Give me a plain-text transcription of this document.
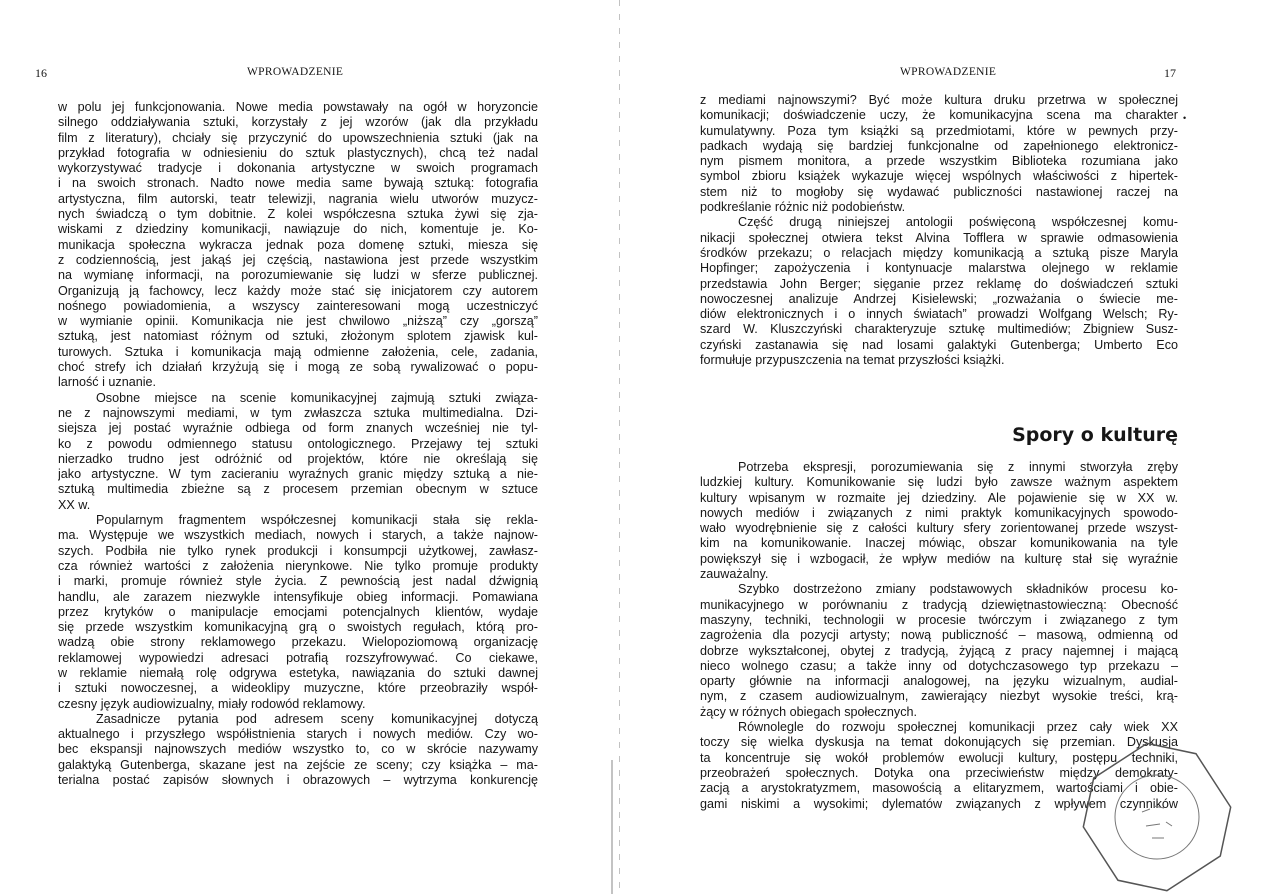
16	WPROWADZENIE
w polu jej funkcjonowania. Nowe media powstawały na ogół w horyzoncie
silnego oddziaływania sztuki, korzystały z jej wzorów (jak dla przykładu
film z literatury), chciały się przyczynić do upowszechnienia sztuki (jak na
przykład fotografia w odniesieniu do sztuk plastycznych), chcą też nadal
wykorzystywać tradycje i dokonania artystyczne w swoich programach
i na swoich stronach. Nadto nowe media same bywają sztuką: fotografia
artystyczna, film autorski, teatr telewizji, nagrania wielu utworów muzycz-
nych świadczą o tym dobitnie. Z kolei współczesna sztuka żywi się zja-
wiskami z dziedziny komunikacji, nawiązuje do nich, komentuje je. Ko-
munikacja społeczna wykracza jednak poza domenę sztuki, miesza się
z codziennością, jest jakąś jej częścią, nastawiona jest przede wszystkim
na wymianę informacji, na porozumiewanie się ludzi w sferze publicznej.
Organizują ją fachowcy, lecz każdy może stać się inicjatorem czy autorem
nośnego powiadomienia, a wszyscy zainteresowani mogą uczestniczyć
w wymianie opinii. Komunikacja nie jest chwilowo „niższą” czy „gorszą”
sztuką, jest natomiast różnym od sztuki, złożonym splotem zjawisk kul-
turowych. Sztuka i komunikacja mają odmienne założenia, cele, zadania,
choć strefy ich działań krzyżują się i mogą ze sobą rywalizować o popu-
larność i uznanie.
Osobne miejsce na scenie komunikacyjnej zajmują sztuki związa-
ne z najnowszymi mediami, w tym zwłaszcza sztuka multimedialna. Dzi-
siejsza jej postać wyraźnie odbiega od form znanych wcześniej nie tyl-
ko z powodu odmiennego statusu ontologicznego. Przejawy tej sztuki
nierzadko trudno jest odróżnić od projektów, które nie określają się
jako artystyczne. W tym zacieraniu wyraźnych granic między sztuką a nie-
sztuką multimedia zbieżne są z procesem przemian obecnym w sztuce
XX w.
Popularnym fragmentem współczesnej komunikacji stała się rekla-
ma. Występuje we wszystkich mediach, nowych i starych, a także najnow-
szych. Podbiła nie tylko rynek produkcji i konsumpcji użytkowej, zawłasz-
cza również wartości z założenia nierynkowe. Nie tylko promuje produkty
i marki, promuje również style życia. Z pewnością jest nadal dźwignią
handlu, ale zarazem niezwykle intensyfikuje obieg informacji. Pomawiana
przez krytyków o manipulacje emocjami potencjalnych klientów, wydaje
się przede wszystkim komunikacyjną grą o swoistych regułach, którą pro-
wadzą obie strony reklamowego przekazu. Wielopoziomową organizację
reklamowej wypowiedzi adresaci potrafią rozszyfrowywać. Co ciekawe,
w reklamie niemałą rolę odgrywa estetyka, nawiązania do sztuki dawnej
i sztuki nowoczesnej, a wideoklipy muzyczne, które przeobraziły współ-
czesny język audiowizualny, miały rodowód reklamowy.
Zasadnicze pytania pod adresem sceny komunikacyjnej dotyczą
aktualnego i przyszłego współistnienia starych i nowych mediów. Czy wo-
bec ekspansji najnowszych mediów wszystko to, co w skrócie nazywamy
galaktyką Gutenberga, skazane jest na zejście ze sceny; czy książka – ma-
terialna postać zapisów słownych i obrazowych – wytrzyma konkurencję
WPROWADZENIE	17
z mediami najnowszymi? Być może kultura druku przetrwa w społecznej
komunikacji; doświadczenie uczy, że komunikacyjna scena ma charakter
kumulatywny. Poza tym książki są przedmiotami, które w pewnych przy-
padkach wydają się bardziej funkcjonalne od zapełnionego elektronicz-
nym pismem monitora, a przede wszystkim Biblioteka rozumiana jako
symbol zbioru książek wykazuje więcej wspólnych właściwości z hipertek-
stem niż to mogłoby się wydawać publiczności nastawionej raczej na
podkreślanie różnic niż podobieństw.
Część drugą niniejszej antologii poświęconą współczesnej komu-
nikacji społecznej otwiera tekst Alvina Tofflera w sprawie odmasowienia
środków przekazu; o relacjach między komunikacją a sztuką pisze Maryla
Hopfinger; zapożyczenia i kontynuacje malarstwa olejnego w reklamie
przedstawia John Berger; sięganie przez reklamę do doświadczeń sztuki
nowoczesnej analizuje Andrzej Kisielewski; „rozważania o świecie me-
diów elektronicznych i o innych światach” prowadzi Wolfgang Welsch; Ry-
szard W. Kluszczyński charakteryzuje sztukę multimediów; Zbigniew Susz-
czyński zastanawia się nad losami galaktyki Gutenberga; Umberto Eco
formułuje przypuszczenia na temat przyszłości książki.
Spory o kulturę
Potrzeba ekspresji, porozumiewania się z innymi stworzyła zręby
ludzkiej kultury. Komunikowanie się ludzi było zawsze ważnym aspektem
kultury wpisanym w rozmaite jej dziedziny. Ale pojawienie się w XX w.
nowych mediów i związanych z nimi praktyk komunikacyjnych spowodo-
wało wyodrębnienie się z całości kultury sfery zorientowanej przede wszyst-
kim na komunikowanie. Inaczej mówiąc, obszar komunikowania na tyle
powiększył się i wzbogacił, że wpływ mediów na kulturę stał się wyraźnie
zauważalny.
Szybko dostrzeżono zmiany podstawowych składników procesu ko-
munikacyjnego w porównaniu z tradycją dziewiętnastowieczną: Obecność
maszyny, techniki, technologii w procesie twórczym i związanego z tym
zagrożenia dla pozycji artysty; nową publiczność – masową, odmienną od
dobrze wykształconej, obytej z tradycją, żyjącą z pracy najemnej i mającą
nieco wolnego czasu; a także inny od dotychczasowego typ przekazu –
oparty głównie na informacji analogowej, na języku wizualnym, audial-
nym, z czasem audiowizualnym, zawierający niezbyt wysokie treści, krą-
żący w różnych obiegach społecznych.
Równolegle do rozwoju społecznej komunikacji przez cały wiek XX
toczy się wielka dyskusja na temat dokonujących się przemian. Dyskusja
ta koncentruje się wokół problemów ewolucji kultury, postępu techniki,
przeobrażeń społecznych. Dotyka ona przeciwieństw między demokraty-
zacją a arystokratyzmem, masowością a elitaryzmem, wartościami i obie-
gami niskimi a wysokimi; dylematów związanych z wpływem czynników
•
